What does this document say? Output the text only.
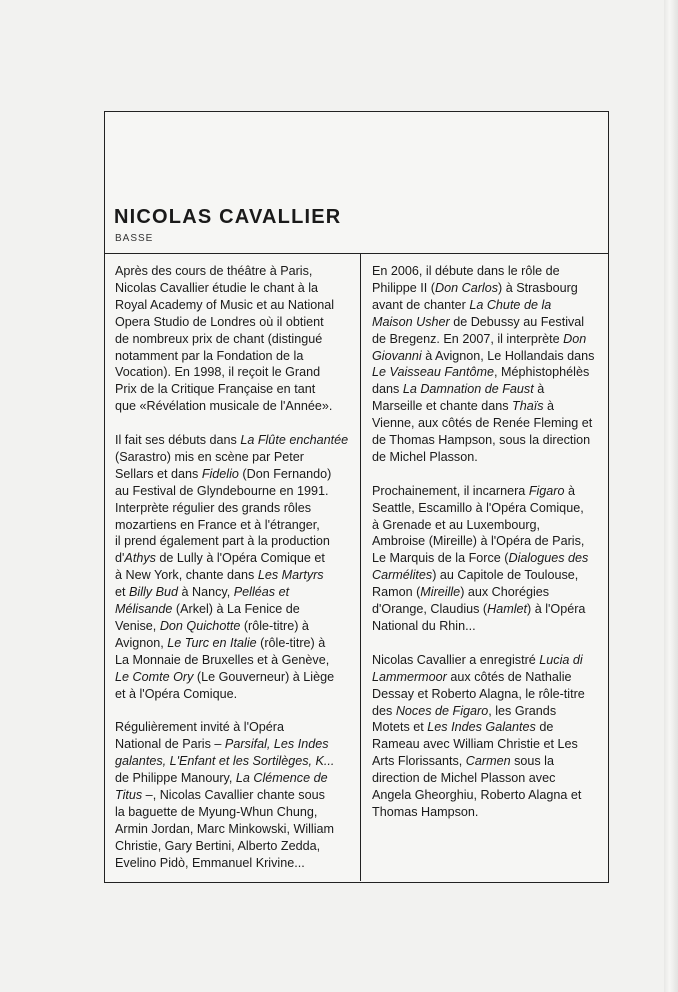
NICOLAS CAVALLIER
BASSE

Après des cours de théâtre à Paris,
Nicolas Cavallier étudie le chant à la
Royal Academy of Music et au National
Opera Studio de Londres où il obtient
de nombreux prix de chant (distingué
notamment par la Fondation de la
Vocation). En 1998, il reçoit le Grand
Prix de la Critique Française en tant
que «Révélation musicale de l'Année».

Il fait ses débuts dans La Flûte enchantée
(Sarastro) mis en scène par Peter
Sellars et dans Fidelio (Don Fernando)
au Festival de Glyndebourne en 1991.
Interprète régulier des grands rôles
mozartiens en France et à l'étranger,
il prend également part à la production
d'Athys de Lully à l'Opéra Comique et
à New York, chante dans Les Martyrs
et Billy Bud à Nancy, Pelléas et
Mélisande (Arkel) à La Fenice de
Venise, Don Quichotte (rôle-titre) à
Avignon, Le Turc en Italie (rôle-titre) à
La Monnaie de Bruxelles et à Genève,
Le Comte Ory (Le Gouverneur) à Liège
et à l'Opéra Comique.

Régulièrement invité à l'Opéra
National de Paris – Parsifal, Les Indes
galantes, L'Enfant et les Sortilèges, K...
de Philippe Manoury, La Clémence de
Titus –, Nicolas Cavallier chante sous
la baguette de Myung-Whun Chung,
Armin Jordan, Marc Minkowski, William
Christie, Gary Bertini, Alberto Zedda,
Evelino Pidò, Emmanuel Krivine...

En 2006, il débute dans le rôle de
Philippe II (Don Carlos) à Strasbourg
avant de chanter La Chute de la
Maison Usher de Debussy au Festival
de Bregenz. En 2007, il interprète Don
Giovanni à Avignon, Le Hollandais dans
Le Vaisseau Fantôme, Méphistophélès
dans La Damnation de Faust à
Marseille et chante dans Thaïs à
Vienne, aux côtés de Renée Fleming et
de Thomas Hampson, sous la direction
de Michel Plasson.

Prochainement, il incarnera Figaro à
Seattle, Escamillo à l'Opéra Comique,
à Grenade et au Luxembourg,
Ambroise (Mireille) à l'Opéra de Paris,
Le Marquis de la Force (Dialogues des
Carmélites) au Capitole de Toulouse,
Ramon (Mireille) aux Chorégies
d'Orange, Claudius (Hamlet) à l'Opéra
National du Rhin...

Nicolas Cavallier a enregistré Lucia di
Lammermoor aux côtés de Nathalie
Dessay et Roberto Alagna, le rôle-titre
des Noces de Figaro, les Grands
Motets et Les Indes Galantes de
Rameau avec William Christie et Les
Arts Florissants, Carmen sous la
direction de Michel Plasson avec
Angela Gheorghiu, Roberto Alagna et
Thomas Hampson.
